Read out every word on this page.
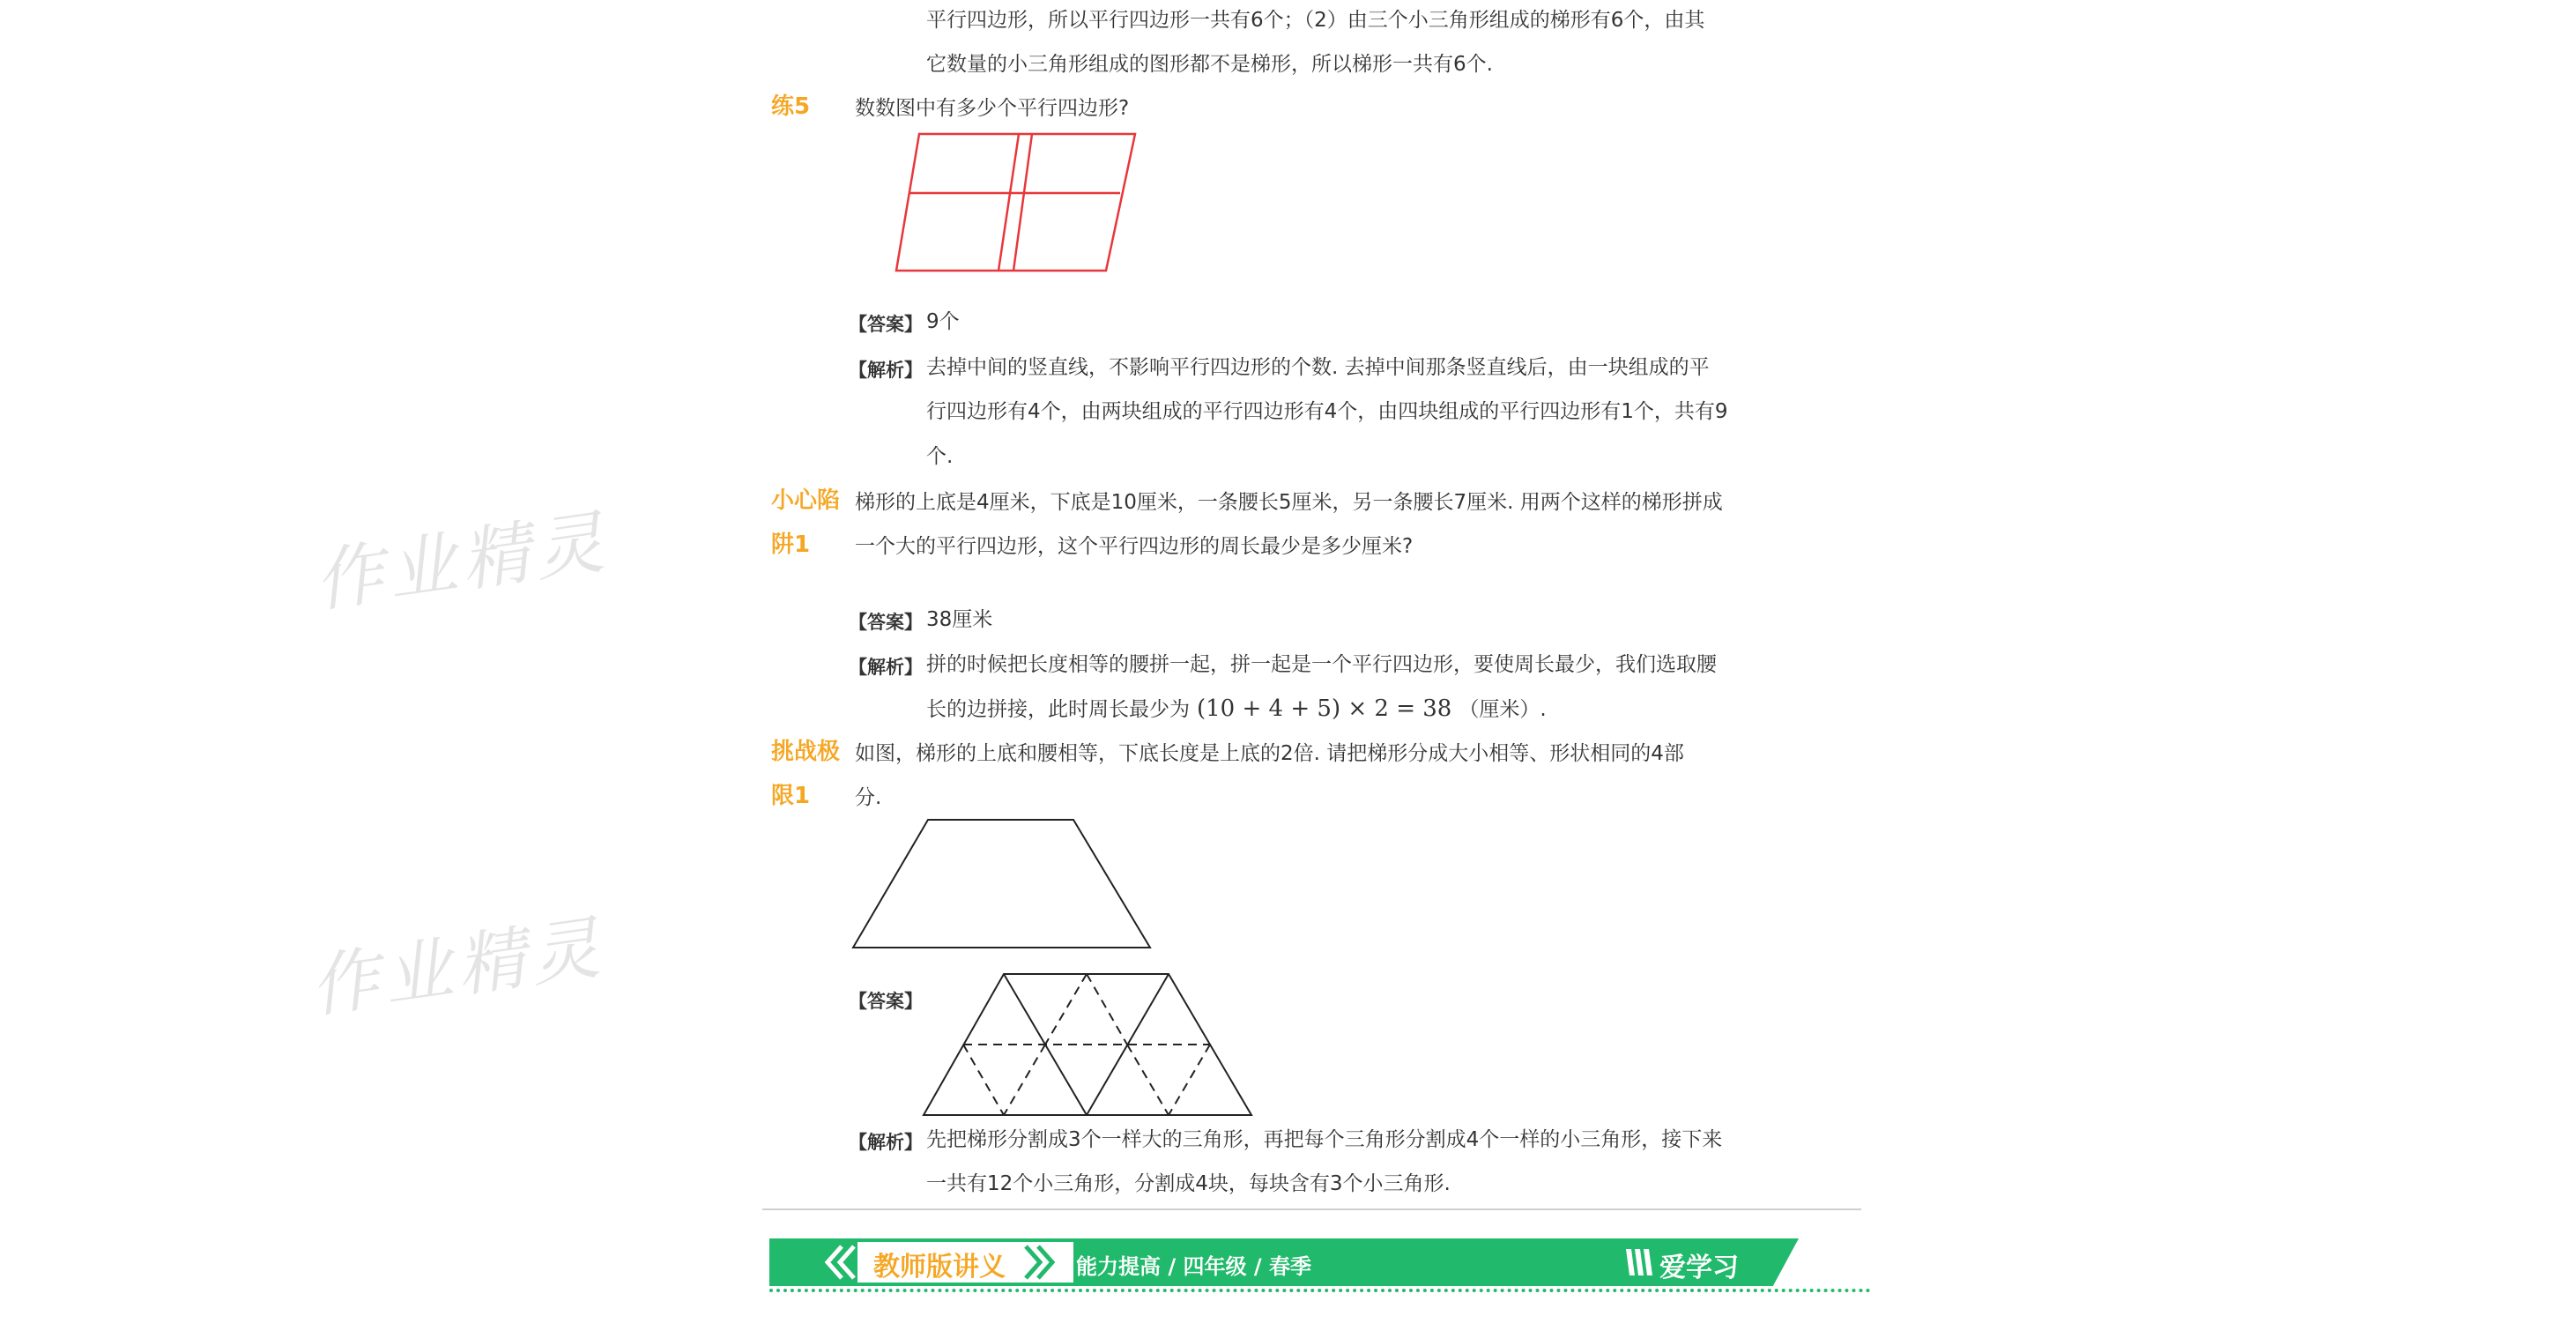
作业精灵
作业精灵
平行四边形，所以平行四边形一共有6个；（2）由三个小三角形组成的梯形有6个，由其
它数量的小三角形组成的图形都不是梯形，所以梯形一共有6个.
练5 数数图中有多少个平行四边形?
【答案】 9个
【解析】 去掉中间的竖直线，不影响平行四边形的个数. 去掉中间那条竖直线后，由一块组成的平
行四边形有4个，由两块组成的平行四边形有4个，由四块组成的平行四边形有1个，共有9
个.
小心陷
阱1
梯形的上底是4厘米，下底是10厘米，一条腰长5厘米，另一条腰长7厘米. 用两个这样的梯形拼成
一个大的平行四边形，这个平行四边形的周长最少是多少厘米?
【答案】 38厘米
【解析】 拼的时候把长度相等的腰拼一起，拼一起是一个平行四边形，要使周长最少，我们选取腰
长的边拼接，此时周长最少为 (10 + 4 + 5) × 2 = 38 （厘米）.
挑战极
限1
如图，梯形的上底和腰相等，下底长度是上底的2倍. 请把梯形分成大小相等、形状相同的4部
分.
【答案】
【解析】 先把梯形分割成3个一样大的三角形，再把每个三角形分割成4个一样的小三角形，接下来
一共有12个小三角形，分割成4块，每块含有3个小三角形.
教师版讲义	能力提高 / 四年级 / 春季	爱学习
